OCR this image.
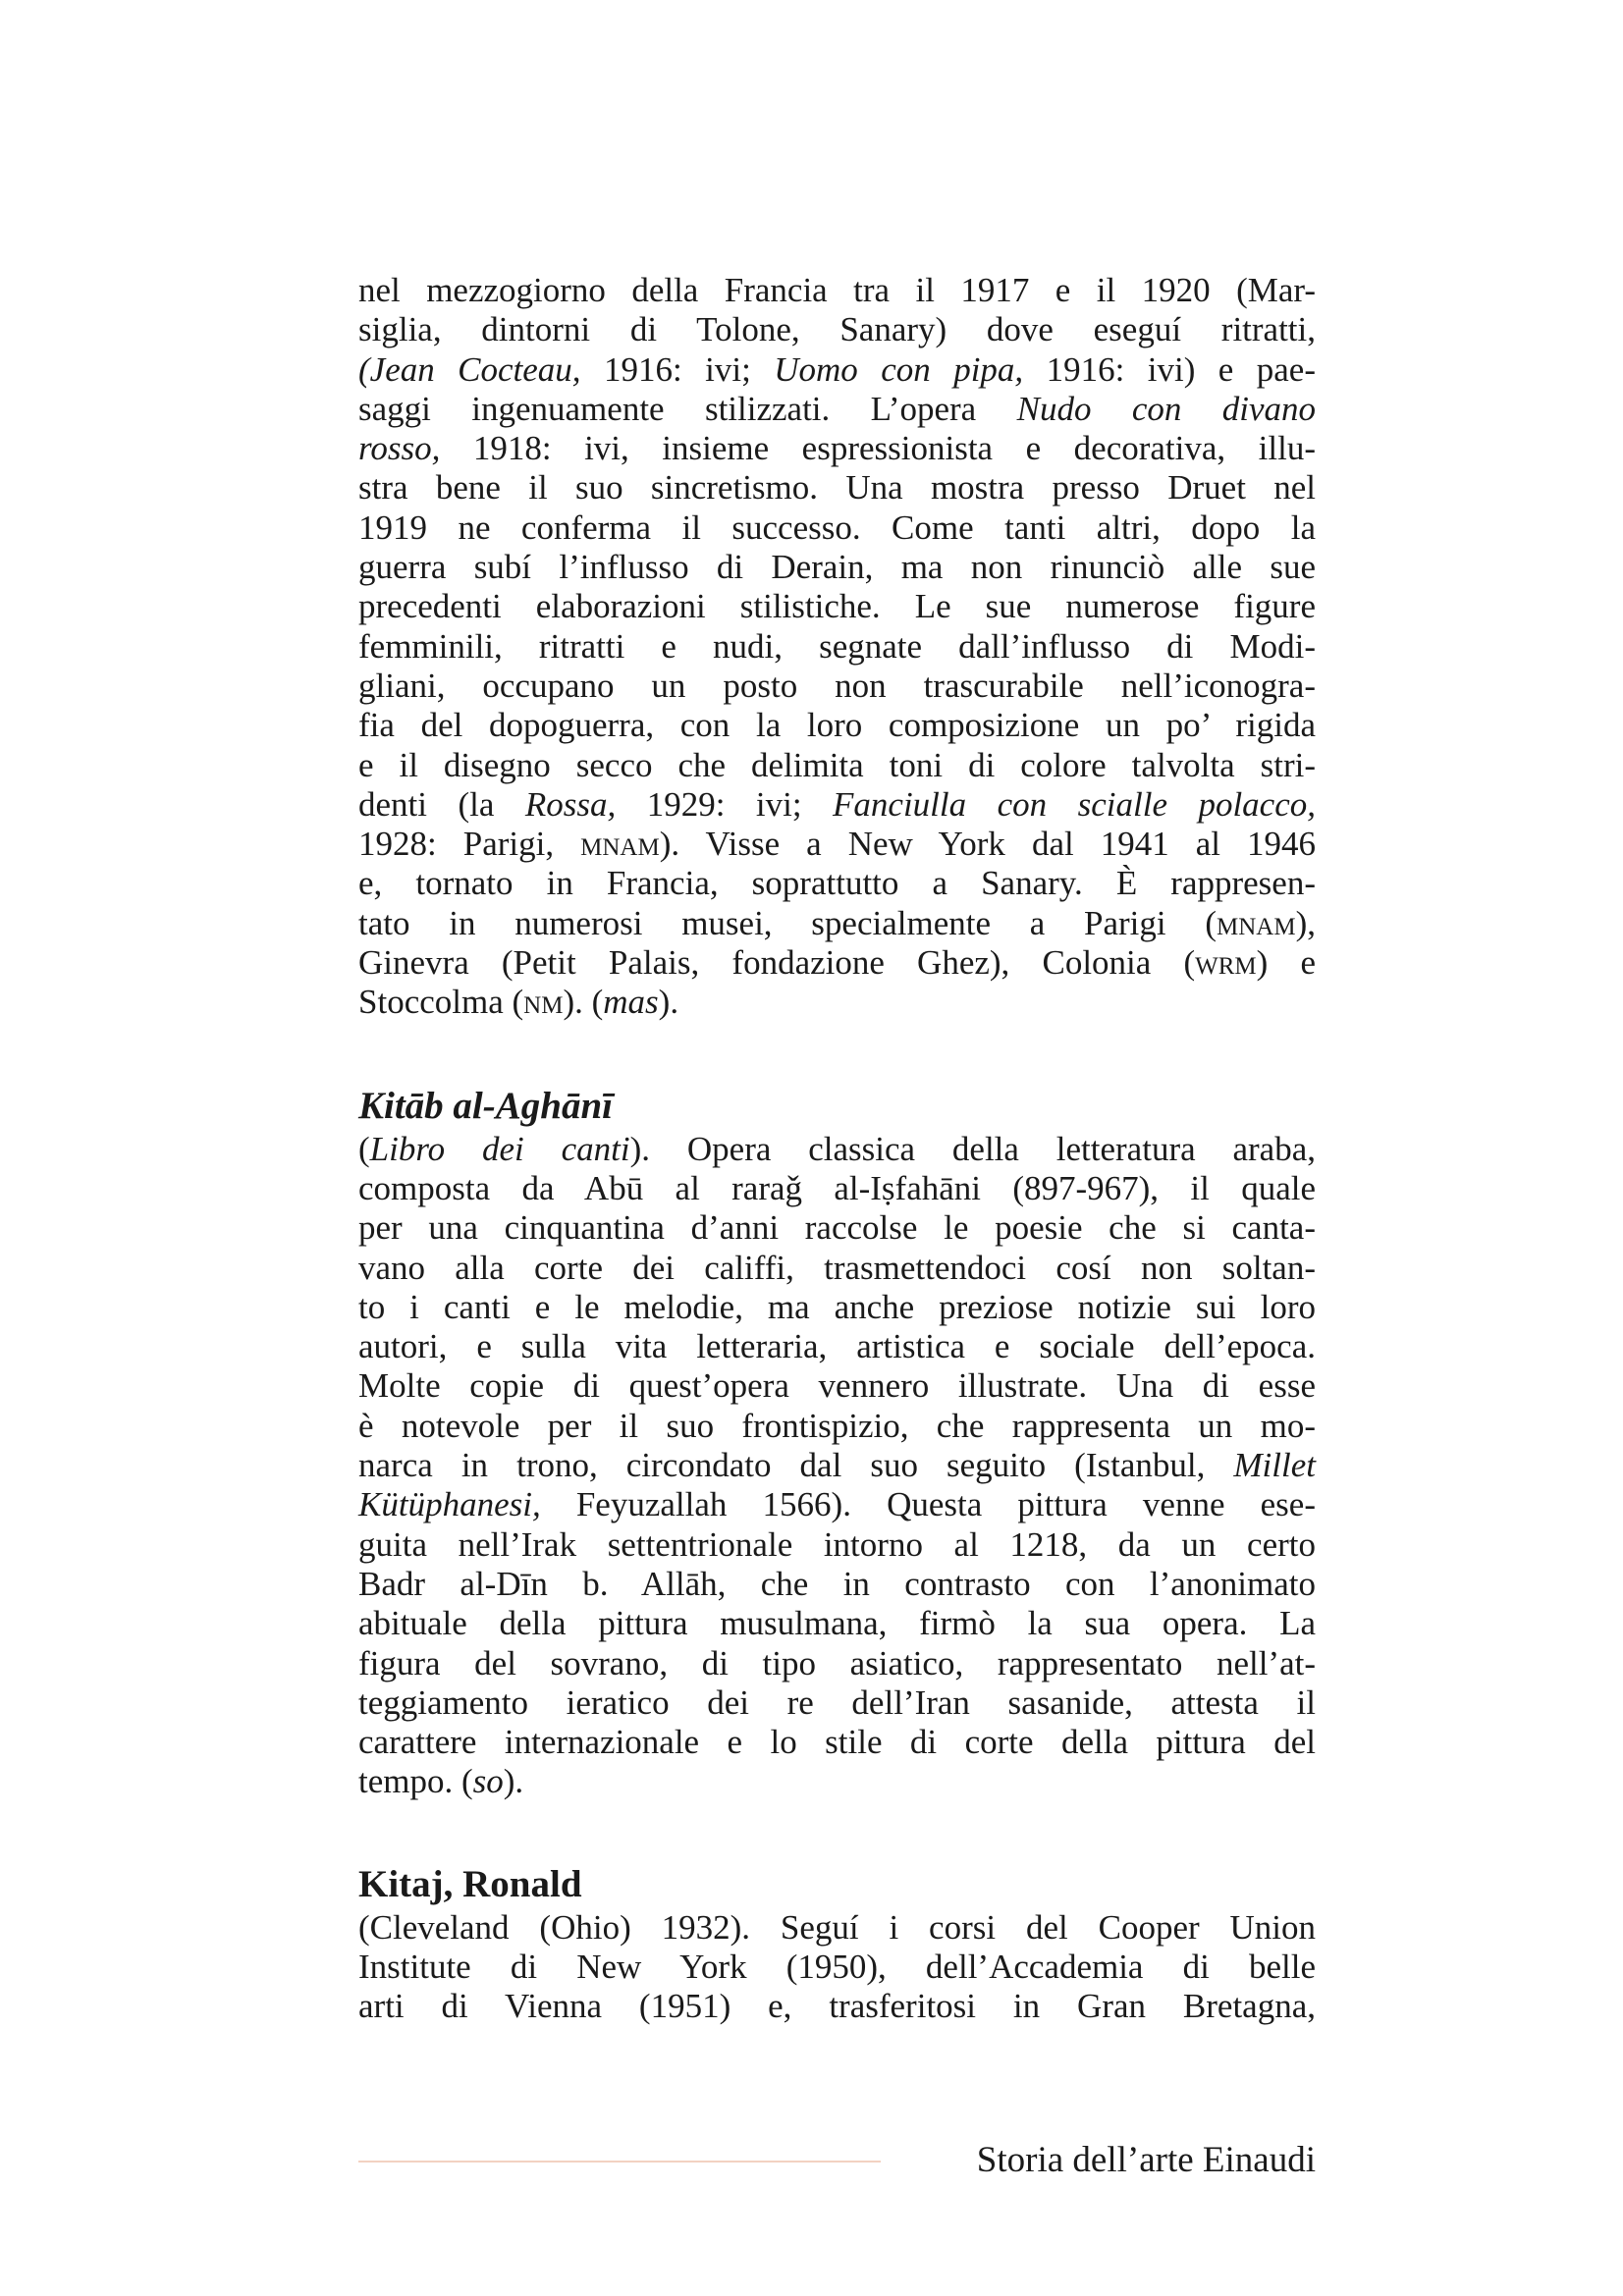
nel mezzogiorno della Francia tra il 1917 e il 1920 (Mar-
siglia, dintorni di Tolone, Sanary) dove eseguí ritratti,
(Jean Cocteau, 1916: ivi; Uomo con pipa, 1916: ivi) e pae-
saggi ingenuamente stilizzati. L’opera Nudo con divano
rosso, 1918: ivi, insieme espressionista e decorativa, illu-
stra bene il suo sincretismo. Una mostra presso Druet nel
1919 ne conferma il successo. Come tanti altri, dopo la
guerra subí l’influsso di Derain, ma non rinunciò alle sue
precedenti elaborazioni stilistiche. Le sue numerose figure
femminili, ritratti e nudi, segnate dall’influsso di Modi-
gliani, occupano un posto non trascurabile nell’iconogra-
fia del dopoguerra, con la loro composizione un po’ rigida
e il disegno secco che delimita toni di colore talvolta stri-
denti (la Rossa, 1929: ivi; Fanciulla con scialle polacco,
1928: Parigi, mnam). Visse a New York dal 1941 al 1946
e, tornato in Francia, soprattutto a Sanary. È rappresen-
tato in numerosi musei, specialmente a Parigi (mnam),
Ginevra (Petit Palais, fondazione Ghez), Colonia (wrm) e
Stoccolma (nm). (mas).
Kitāb al-Aghānī
(Libro dei canti). Opera classica della letteratura araba,
composta da Abū al raraǧ al-Iṣfahāni (897-967), il quale
per una cinquantina d’anni raccolse le poesie che si canta-
vano alla corte dei califfi, trasmettendoci cosí non soltan-
to i canti e le melodie, ma anche preziose notizie sui loro
autori, e sulla vita letteraria, artistica e sociale dell’epoca.
Molte copie di quest’opera vennero illustrate. Una di esse
è notevole per il suo frontispizio, che rappresenta un mo-
narca in trono, circondato dal suo seguito (Istanbul, Millet
Kütüphanesi, Feyuzallah 1566). Questa pittura venne ese-
guita nell’Irak settentrionale intorno al 1218, da un certo
Badr al-Dīn b. Allāh, che in contrasto con l’anonimato
abituale della pittura musulmana, firmò la sua opera. La
figura del sovrano, di tipo asiatico, rappresentato nell’at-
teggiamento ieratico dei re dell’Iran sasanide, attesta il
carattere internazionale e lo stile di corte della pittura del
tempo. (so).
Kitaj, Ronald
(Cleveland (Ohio) 1932). Seguí i corsi del Cooper Union
Institute di New York (1950), dell’Accademia di belle
arti di Vienna (1951) e, trasferitosi in Gran Bretagna,
Storia dell’arte Einaudi
